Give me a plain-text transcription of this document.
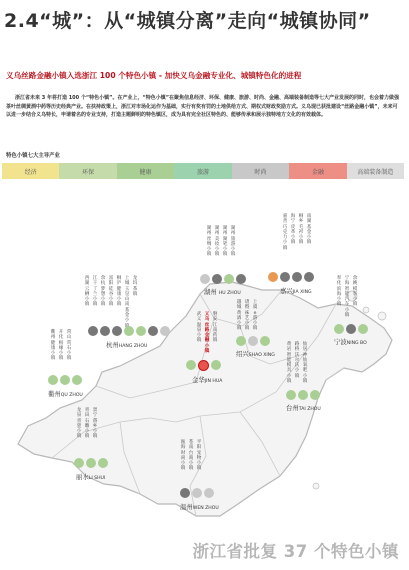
2.4“城”：从“城镇分离”走向“城镇协同”
义乌丝路金融小镇入选浙江 100 个特色小镇 - 加快义乌金融专业化、城镇特色化的进程
浙江省未来 3 年将打造 100 个“特色小镇”。在产业上，“特色小镇”在聚焦信息经济、环保、健康、旅游、时尚、金融、高端装备制造等七大产业发展的同时，也会着力做强茶叶丝绸黄酒中药等历史经典产业。在扶持政策上，浙江对市场化运作为基础，实行有奖有罚的土地供给方式、期权式财政奖励方式。义乌现已获批建设“丝路金融小镇”，未来可以进一步结合义乌特长，申请着名的专业支持，打造主题鲜明的特色镇区，成为具有完全社区特色的、能够传承和展示独特地方文化的有效载体。
特色小镇七大主导产业
经济	环保	健康	旅游	时尚	金融	高端装备制造
湖
州
丝
绸
小
镇
湖
州
美
妆
小
镇
湖
州
湖
笔
小
镇
湖
州
旅
游
小
镇
湖州 HU ZHOU
嘉
善
巧
克
力
小
镇
海
宁
皮
革
小
镇
桐
乡
毛
衫
小
镇
南
湖
基
金
小
镇
嘉兴JIA XING
西
湖
云
栖
小
镇
江
干
丁
兰
小
镇
余
杭
梦
想
小
镇
富
阳
硅
谷
小
镇
桐
庐
健
康
小
镇
上
城
玉
皇
山
南
基
金
小
龙
坞
茶
镇
杭州HANG ZHOU
奉
化
滨
海
小
镇
宁
海
智
能
汽
车
小
镇
余
姚
模
客
小
镇
宁波NING BO
越
城
黄
酒
小
镇
诸
暨
袜
艺
小
镇
上
虞
e
游
小
镇
绍兴SHAO XING
武
义
温
泉
小
镇
义
乌
丝
路
金
融
小
镇
磐
安
江
南
药
镇
金华JIN HUA
衢
州
健
康
小
镇
开
化
根
缘
小
镇
常
山
赏
石
小
镇
衢州QU ZHOU
黄
岩
智
能
模
具
小
镇
路
桥
沃
尔
沃
小
镇
仙
居
神
仙
氧
吧
小
镇
台州TAI ZHOU
龙
泉
青
瓷
小
镇
青
田
石
雕
小
镇
景
宁
畲
乡
小
镇
丽水LI SHUI
瓯
海
时
尚
小
镇
苍
南
台
商
小
镇
平
阳
宠
物
小
镇
温州WEN ZHOU
浙江省批复 37 个特色小镇
